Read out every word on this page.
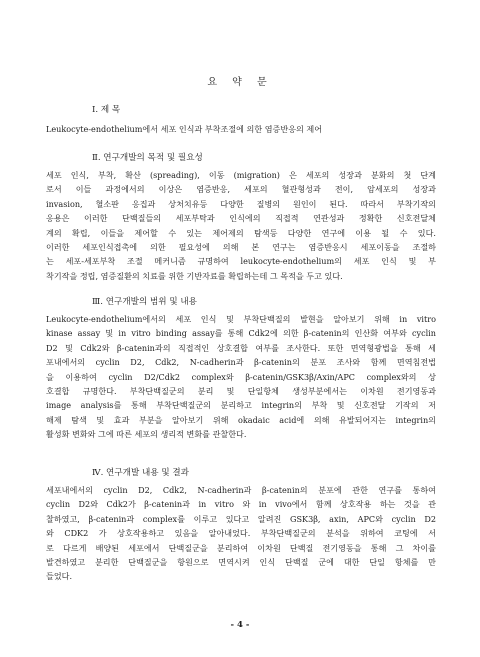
요 약 문
Ⅰ. 제 목
Leukocyte-endothelium에서 세포 인식과 부착조절에 의한 염증반응의 제어
Ⅱ. 연구개발의 목적 및 필요성
세포 인식, 부착, 확산 (spreading), 이동 (migration) 은 세포의 성장과 분화의 첫 단계
로서 이들 과정에서의 이상은 염증반응, 세포의 혈관형성과 전이, 암세포의 성장과
invasion, 혈소판 응집과 상처치유등 다양한 질병의 원인이 된다. 따라서 부착기작의
응용은 이러한 단백질들의 세포부탁과 인식에의 직접적 연관성과 정확한 신호전달체
계의 확립, 이들을 제어할 수 있는 제어제의 탐색등 다양한 연구에 이용 될 수 있다.
이러한 세포인식접촉에 의한 필요성에 의해 본 연구는 염증반응시 세포이동을 조절하
는 세포-세포부착 조절 메커니즘 규명하여 leukocyte-endothelium의 세포 인식 및 부
착기작을 정립, 염증질환의 치료를 위한 기반자료를 확립하는데 그 목적을 두고 있다.
Ⅲ. 연구개발의 범위 및 내용
Leukocyte-endothelium에서의 세포 인식 및 부착단백질의 발현을 알아보기 위해 in vitro
kinase assay 및 in vitro binding assay를 통해 Cdk2에 의한 β-catenin의 인산화 여부와 cyclin
D2 및 Cdk2와 β-catenin과의 직접적인 상호결합 여부를 조사한다. 또한 면역형광법을 통해 세
포내에서의 cyclin D2, Cdk2, N-cadherin과 β-catenin의 분포 조사와 함께 면역침전법
을 이용하여 cyclin D2/Cdk2 complex와 β-catenin/GSK3β/Axin/APC complex와의 상
호결합 규명한다. 부착단백질군의 분리 및 단일항체 생성부분에서는 이차원 전기영동과
image analysis를 통해 부착단백질군의 분리하고 integrin의 부착 및 신호전달 기작의 저
해제 탐색 및 효과 부분을 알아보기 위해 okadaic acid에 의해 유발되어지는 integrin의
활성화 변화와 그에 따른 세포의 생리적 변화를 관찰한다.
Ⅳ. 연구개발 내용 및 결과
세포내에서의 cyclin D2, Cdk2, N-cadherin과 β-catenin의 분포에 관한 연구를 통하여
cyclin D2와 Cdk2가 β-catenin과 in vitro 와 in vivo에서 함께 상호작용 하는 것을 관
찰하였고, β-catenin과 complex를 이루고 있다고 알려진 GSK3β, axin, APC와 cyclin D2
와 CDK2 가 상호작용하고 있음을 알아내었다. 부착단백질군의 분석을 위하여 코팅에 서
로 다르게 배양된 세포에서 단백질군을 분리하여 이차원 단백질 전기영동을 통해 그 차이를
발견하였고 분리한 단백질군을 항원으로 면역시켜 인식 단백질 군에 대한 단일 항체를 만
들었다.
- 4 -
